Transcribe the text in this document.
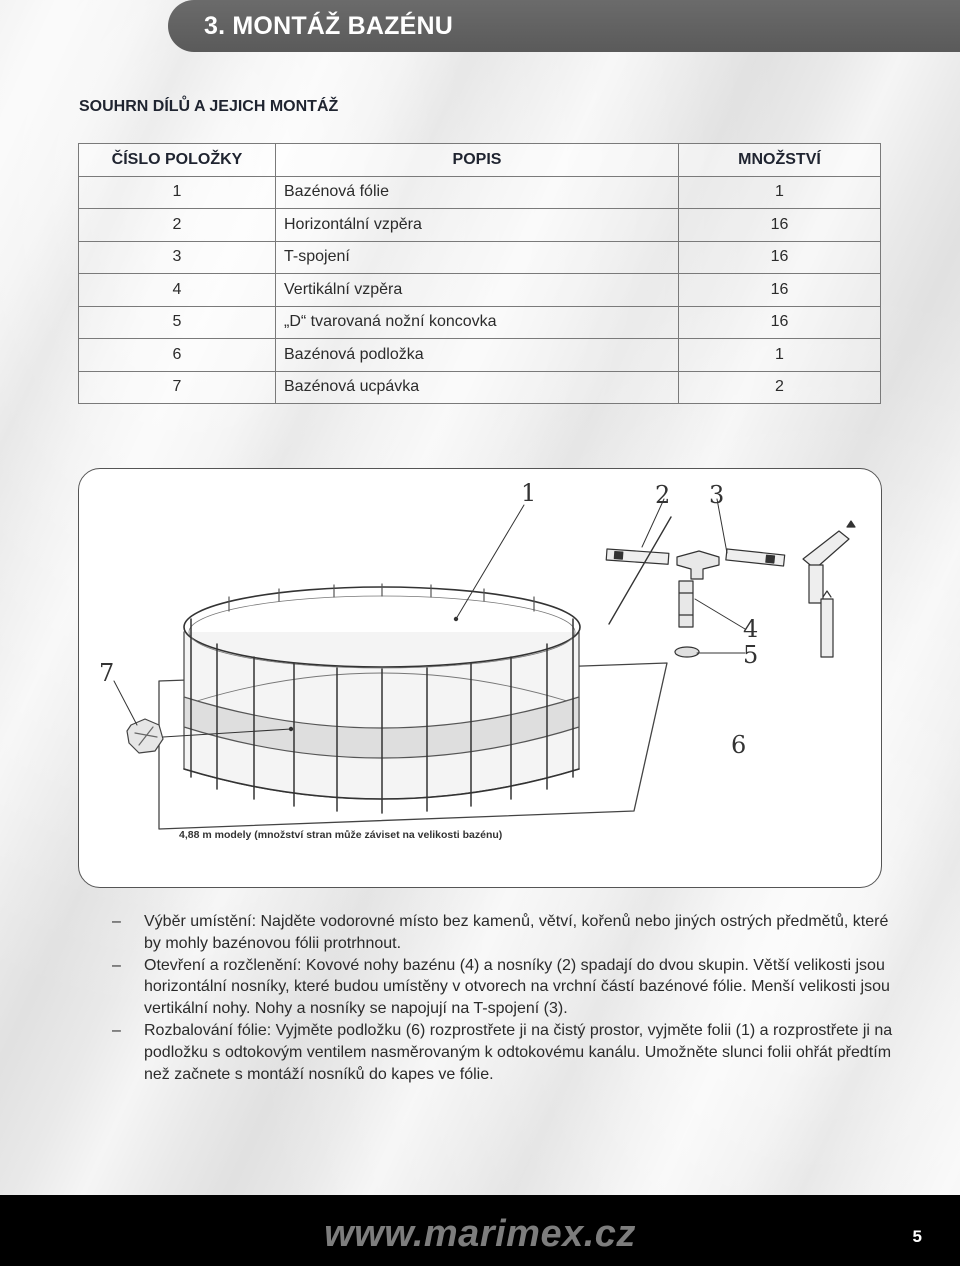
3. MONTÁŽ BAZÉNU
SOUHRN DÍLŮ A JEJICH MONTÁŽ
ČÍSLO POLOŽKY	POPIS	MNOŽSTVÍ
1	Bazénová fólie	1
2	Horizontální vzpěra	16
3	T-spojení	16
4	Vertikální vzpěra	16
5	„D“ tvarovaná nožní koncovka	16
6	Bazénová podložka	1
7	Bazénová ucpávka	2
1	2 3
4
5
6
7
4,88 m modely (množství stran může záviset na velikosti bazénu)
– Výběr umístění: Najděte vodorovné místo bez kamenů, větví, kořenů nebo jiných ostrých předmětů, které by mohly bazénovou fólii protrhnout.
– Otevření a rozčlenění: Kovové nohy bazénu (4) a nosníky (2) spadají do dvou skupin. Větší velikosti jsou horizontální nosníky, které budou umístěny v otvorech na vrchní částí bazénové fólie. Menší velikosti jsou vertikální nohy. Nohy a nosníky se napojují na T-spojení (3).
– Rozbalování fólie: Vyjměte podložku (6) rozprostřete ji na čistý prostor, vyjměte folii (1) a rozprostřete ji na podložku s odtokovým ventilem nasměrovaným k odtokovému kanálu. Umožněte slunci folii ohřát předtím než začnete s montáží nosníků do kapes ve fólie.
www.marimex.cz	5
